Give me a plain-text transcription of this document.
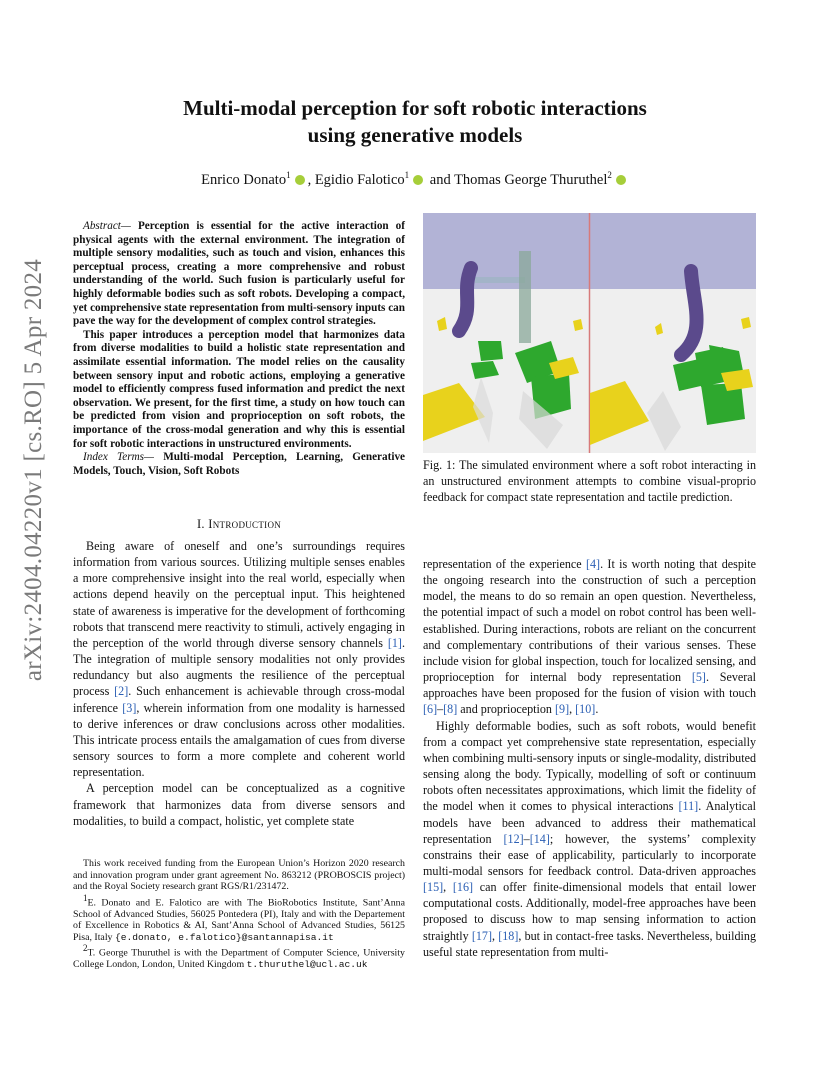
arXiv:2404.04220v1 [cs.RO] 5 Apr 2024
Multi-modal perception for soft robotic interactions
using generative models
Enrico Donato$^1$ , Egidio Falotico$^1$ and Thomas George Thuruthel$^2$

Abstract— Perception is essential for the active interaction of physical agents with the external environment. The integration of multiple sensory modalities, such as touch and vision, enhances this perceptual process, creating a more comprehensive and robust understanding of the world. Such fusion is particularly useful for highly deformable bodies such as soft robots. Developing a compact, yet comprehensive state representation from multi-sensory inputs can pave the way for the development of complex control strategies.

This paper introduces a perception model that harmonizes data from diverse modalities to build a holistic state representation and assimilate essential information. The model relies on the causality between sensory input and robotic actions, employing a generative model to efficiently compress fused information and predict the next observation. We present, for the first time, a study on how touch can be predicted from vision and proprioception on soft robots, the importance of the cross-modal generation and why this is essential for soft robotic interactions in unstructured environments.

Index Terms— Multi-modal Perception, Learning, Generative Models, Touch, Vision, Soft Robots

I. Introduction

Being aware of oneself and one’s surroundings requires information from various sources. Utilizing multiple senses enables a more comprehensive insight into the real world, especially when actions depend heavily on the perceptual input. This heightened state of awareness is imperative for the development of forthcoming robots that transcend mere reactivity to stimuli, actively engaging in the perception of the world through diverse sensory channels [1]. The integration of multiple sensory modalities not only provides redundancy but also augments the resilience of the perceptual process [2]. Such enhancement is achievable through cross-modal inference [3], wherein information from one modality is harnessed to derive inferences or draw conclusions across other modalities. This intricate process entails the amalgamation of cues from diverse sensory sources to form a more complete and coherent world representation.

A perception model can be conceptualized as a cognitive framework that harmonizes data from diverse sensors and modalities, to build a compact, holistic, yet complete state

This work received funding from the European Union’s Horizon 2020 research and innovation program under grant agreement No. 863212 (PROBOSCIS project) and the Royal Society research grant RGS/R1/231472.

$^1$E. Donato and E. Falotico are with The BioRobotics Institute, Sant’Anna School of Advanced Studies, 56025 Pontedera (PI), Italy and with the Departement of Excellence in Robotics & AI, Sant’Anna School of Advanced Studies, 56125 Pisa, Italy {e.donato, e.falotico}@santannapisa.it

$^2$T. George Thuruthel is with the Department of Computer Science, University College London, London, United Kingdom t.thuruthel@ucl.ac.uk

Fig. 1: The simulated environment where a soft robot interacting in an unstructured environment attempts to combine visual-proprio feedback for compact state representation and tactile prediction.

representation of the experience [4]. It is worth noting that despite the ongoing research into the construction of such a perception model, the means to do so remain an open question. Nevertheless, the potential impact of such a model on robot control has been well-established. During interactions, robots are reliant on the concurrent and complementary contributions of their various senses. These include vision for global inspection, touch for localized sensing, and proprioception for internal body representation [5]. Several approaches have been proposed for the fusion of vision with touch [6]–[8] and proprioception [9], [10].

Highly deformable bodies, such as soft robots, would benefit from a compact yet comprehensive state representation, especially when combining multi-sensory inputs or single-modality, distributed sensing along the body. Typically, modelling of soft or continuum robots often necessitates approximations, which limit the fidelity of the model when it comes to physical interactions [11]. Analytical models have been advanced to address their mathematical representation [12]–[14]; however, the systems’ complexity constrains their ease of applicability, particularly to incorporate multi-modal sensors for feedback control. Data-driven approaches [15], [16] can offer finite-dimensional models that entail lower computational costs. Additionally, model-free approaches have been proposed to discuss how to map sensing information to action straightly [17], [18], but in contact-free tasks. Nevertheless, building useful state representation from multi-
